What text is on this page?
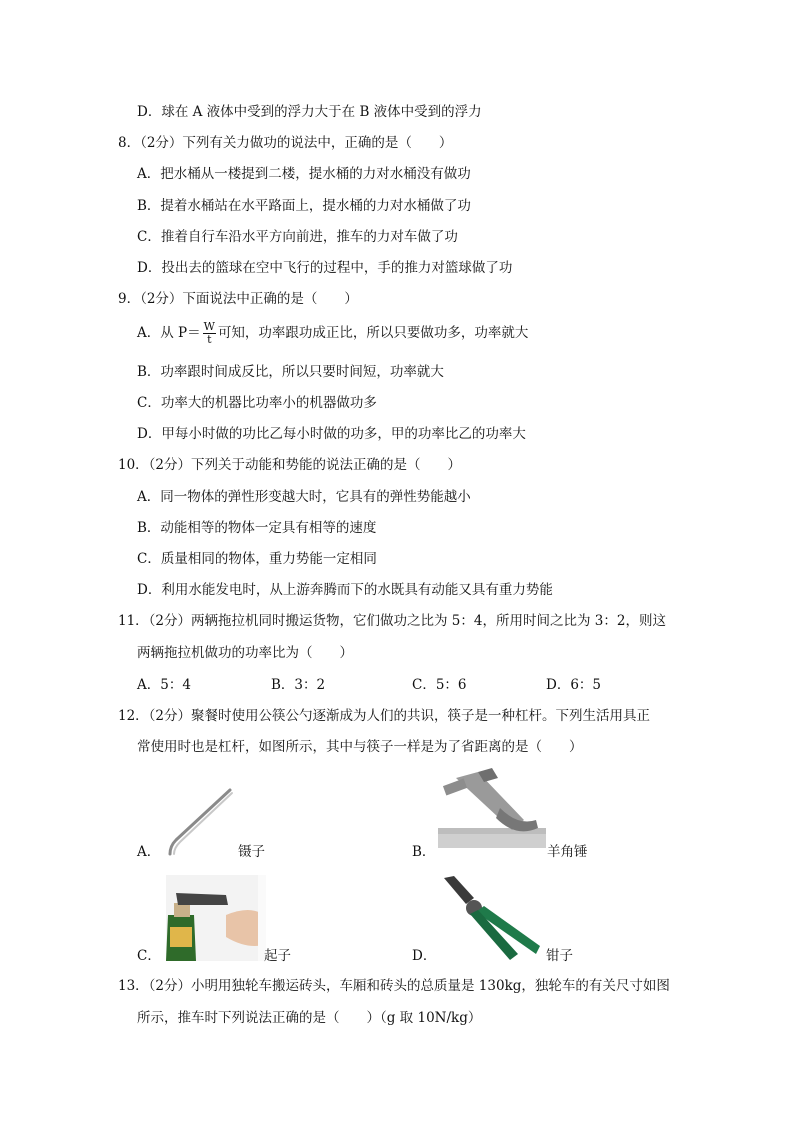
D．球在 A 液体中受到的浮力大于在 B 液体中受到的浮力
8．（2分）下列有关力做功的说法中，正确的是（　　）
A．把水桶从一楼提到二楼，提水桶的力对水桶没有做功
B．提着水桶站在水平路面上，提水桶的力对水桶做了功
C．推着自行车沿水平方向前进，推车的力对车做了功
D．投出去的篮球在空中飞行的过程中，手的推力对篮球做了功
9．（2分）下面说法中正确的是（　　）
A．从 $P= \frac{W}{t}$ 可知，功率跟功成正比，所以只要做功多，功率就大
B．功率跟时间成反比，所以只要时间短，功率就大
C．功率大的机器比功率小的机器做功多
D．甲每小时做的功比乙每小时做的功多，甲的功率比乙的功率大
10．（2分）下列关于动能和势能的说法正确的是（　　）
A．同一物体的弹性形变越大时，它具有的弹性势能越小
B．动能相等的物体一定具有相等的速度
C．质量相同的物体，重力势能一定相同
D．利用水能发电时，从上游奔腾而下的水既具有动能又具有重力势能
11．（2分）两辆拖拉机同时搬运货物，它们做功之比为 5：4，所用时间之比为 3：2，则这
两辆拖拉机做功的功率比为（　　）
A．5：4	B．3：2	C．5：6	D．6：5
12．（2分）聚餐时使用公筷公勺逐渐成为人们的共识，筷子是一种杠杆。下列生活用具正
常使用时也是杠杆，如图所示，其中与筷子一样是为了省距离的是（　　）
A．	镊子	B．	羊角锤
C．	起子	D．	钳子
13．（2分）小明用独轮车搬运砖头，车厢和砖头的总质量是 130kg，独轮车的有关尺寸如图
所示，推车时下列说法正确的是（　　）（g 取 10N/kg）
